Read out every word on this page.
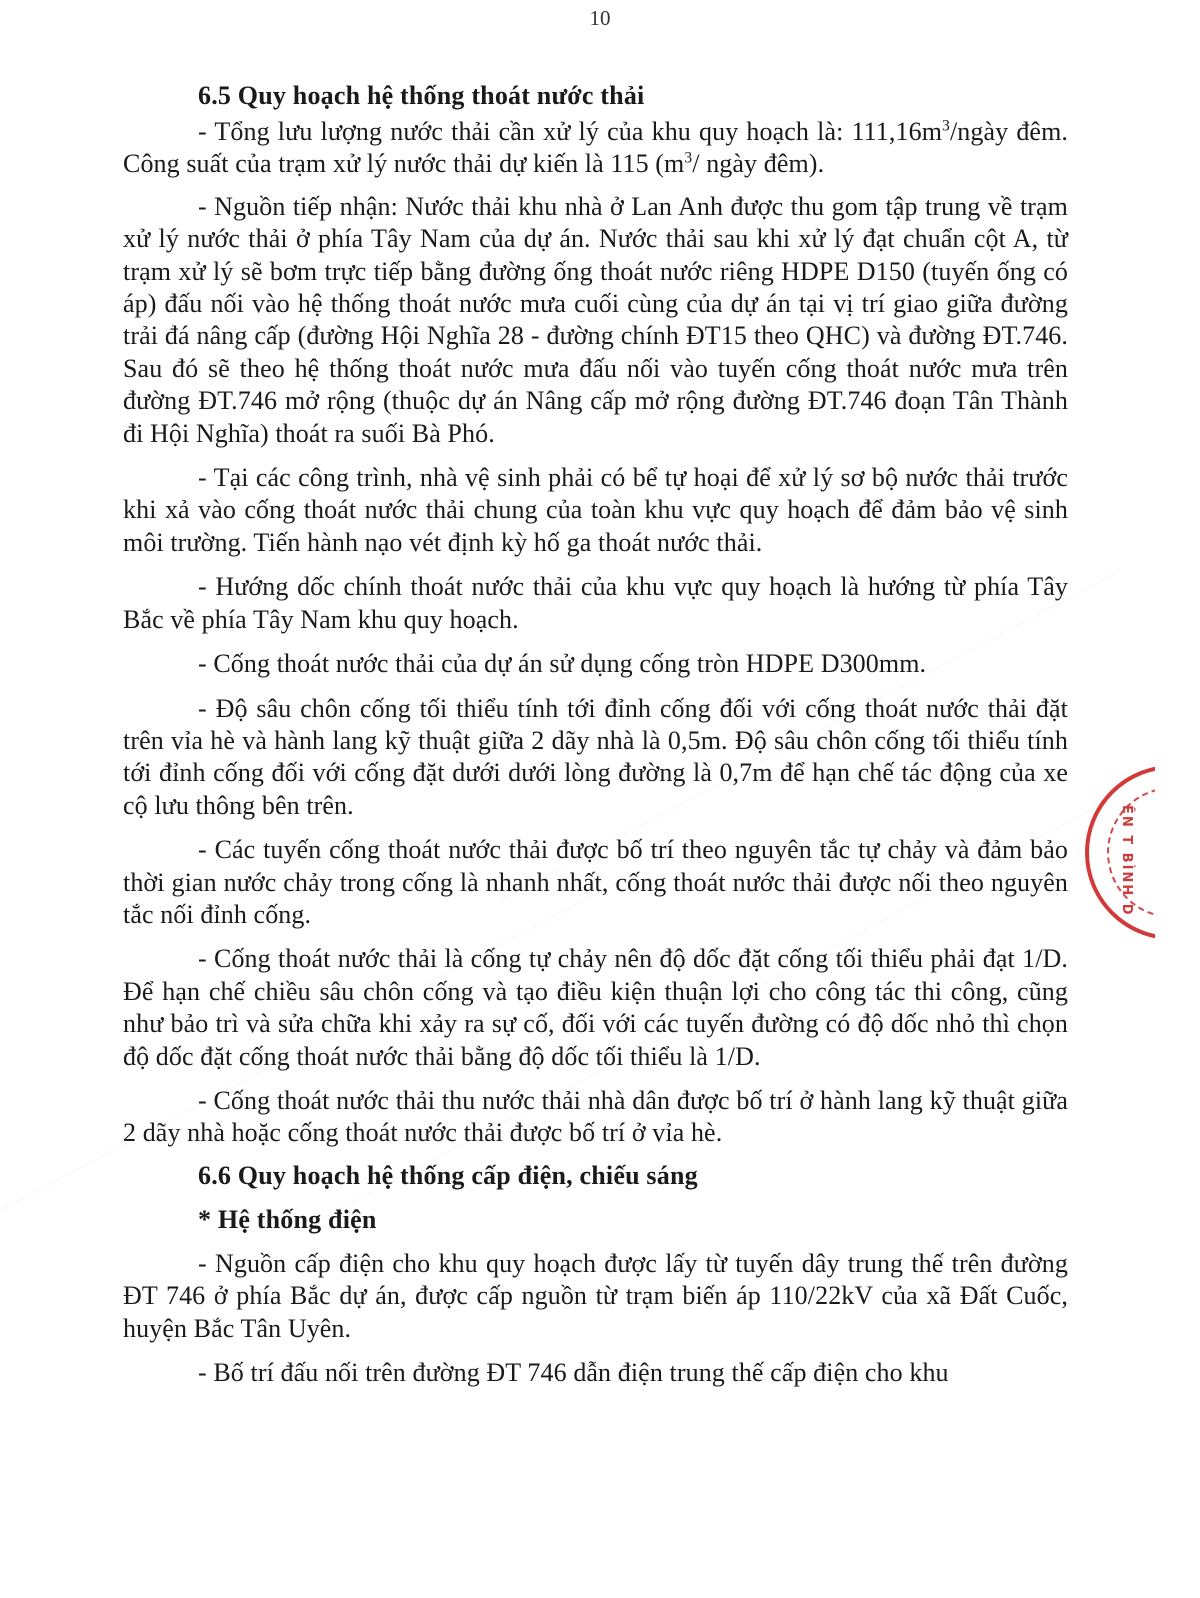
10
6.5 Quy hoạch hệ thống thoát nước thải

- Tổng lưu lượng nước thải cần xử lý của khu quy hoạch là: $111,16m^3$/ngày đêm. Công suất của trạm xử lý nước thải dự kiến là 115 ($m^3/$ ngày đêm).

- Nguồn tiếp nhận: Nước thải khu nhà ở Lan Anh được thu gom tập trung về trạm xử lý nước thải ở phía Tây Nam của dự án. Nước thải sau khi xử lý đạt chuẩn cột A, từ trạm xử lý sẽ bơm trực tiếp bằng đường ống thoát nước riêng HDPE D150 (tuyến ống có áp) đấu nối vào hệ thống thoát nước mưa cuối cùng của dự án tại vị trí giao giữa đường trải đá nâng cấp (đường Hội Nghĩa 28 - đường chính ĐT15 theo QHC) và đường ĐT.746. Sau đó sẽ theo hệ thống thoát nước mưa đấu nối vào tuyến cống thoát nước mưa trên đường ĐT.746 mở rộng (thuộc dự án Nâng cấp mở rộng đường ĐT.746 đoạn Tân Thành đi Hội Nghĩa) thoát ra suối Bà Phó.

- Tại các công trình, nhà vệ sinh phải có bể tự hoại để xử lý sơ bộ nước thải trước khi xả vào cống thoát nước thải chung của toàn khu vực quy hoạch để đảm bảo vệ sinh môi trường. Tiến hành nạo vét định kỳ hố ga thoát nước thải.

- Hướng dốc chính thoát nước thải của khu vực quy hoạch là hướng từ phía Tây Bắc về phía Tây Nam khu quy hoạch.

- Cống thoát nước thải của dự án sử dụng cống tròn HDPE D300mm.

- Độ sâu chôn cống tối thiểu tính tới đỉnh cống đối với cống thoát nước thải đặt trên vỉa hè và hành lang kỹ thuật giữa 2 dãy nhà là 0,5m. Độ sâu chôn cống tối thiểu tính tới đỉnh cống đối với cống đặt dưới dưới lòng đường là 0,7m để hạn chế tác động của xe cộ lưu thông bên trên.

- Các tuyến cống thoát nước thải được bố trí theo nguyên tắc tự chảy và đảm bảo thời gian nước chảy trong cống là nhanh nhất, cống thoát nước thải được nối theo nguyên tắc nối đỉnh cống.

- Cống thoát nước thải là cống tự chảy nên độ dốc đặt cống tối thiểu phải đạt 1/D. Để hạn chế chiều sâu chôn cống và tạo điều kiện thuận lợi cho công tác thi công, cũng như bảo trì và sửa chữa khi xảy ra sự cố, đối với các tuyến đường có độ dốc nhỏ thì chọn độ dốc đặt cống thoát nước thải bằng độ dốc tối thiểu là 1/D.

- Cống thoát nước thải thu nước thải nhà dân được bố trí ở hành lang kỹ thuật giữa 2 dãy nhà hoặc cống thoát nước thải được bố trí ở vỉa hè.

6.6 Quy hoạch hệ thống cấp điện, chiếu sáng
* Hệ thống điện

- Nguồn cấp điện cho khu quy hoạch được lấy từ tuyến dây trung thế trên đường ĐT 746 ở phía Bắc dự án, được cấp nguồn từ trạm biến áp 110/22kV của xã Đất Cuốc, huyện Bắc Tân Uyên.

- Bố trí đấu nối trên đường ĐT 746 dẫn điện trung thế cấp điện cho khu

ÊN T BÌNH D
